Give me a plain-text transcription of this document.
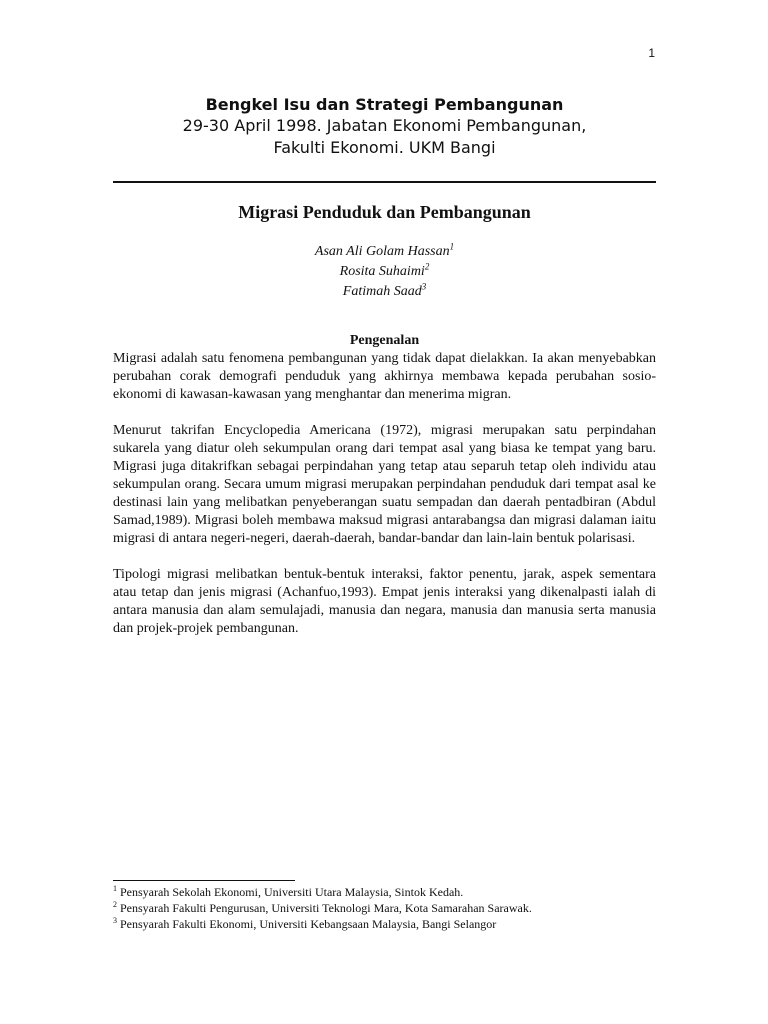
1
Bengkel Isu dan Strategi Pembangunan
29-30 April 1998. Jabatan Ekonomi Pembangunan,
Fakulti Ekonomi. UKM Bangi
Migrasi Penduduk dan Pembangunan
Asan Ali Golam Hassan$^1$
Rosita Suhaimi$^2$
Fatimah Saad$^3$
Pengenalan

Migrasi adalah satu fenomena pembangunan yang tidak dapat dielakkan. Ia akan menyebabkan perubahan corak demografi penduduk yang akhirnya membawa kepada perubahan sosio-ekonomi di kawasan-kawasan yang menghantar dan menerima migran.

Menurut takrifan Encyclopedia Americana (1972), migrasi merupakan satu perpindahan sukarela yang diatur oleh sekumpulan orang dari tempat asal yang biasa ke tempat yang baru. Migrasi juga ditakrifkan sebagai perpindahan yang tetap atau separuh tetap oleh individu atau sekumpulan orang. Secara umum migrasi merupakan perpindahan penduduk dari tempat asal ke destinasi lain yang melibatkan penyeberangan suatu sempadan dan daerah pentadbiran (Abdul Samad,1989). Migrasi boleh membawa maksud migrasi antarabangsa dan migrasi dalaman iaitu migrasi di antara negeri-negeri, daerah-daerah, bandar-bandar dan lain-lain bentuk polarisasi.

Tipologi migrasi melibatkan bentuk-bentuk interaksi, faktor penentu, jarak, aspek sementara atau tetap dan jenis migrasi (Achanfuo,1993). Empat jenis interaksi yang dikenalpasti ialah di antara manusia dan alam semulajadi, manusia dan negara, manusia dan manusia serta manusia dan projek-projek pembangunan.

$^1$ Pensyarah Sekolah Ekonomi, Universiti Utara Malaysia, Sintok Kedah.
$^2$ Pensyarah Fakulti Pengurusan, Universiti Teknologi Mara, Kota Samarahan Sarawak.
$^3$ Pensyarah Fakulti Ekonomi, Universiti Kebangsaan Malaysia, Bangi Selangor
